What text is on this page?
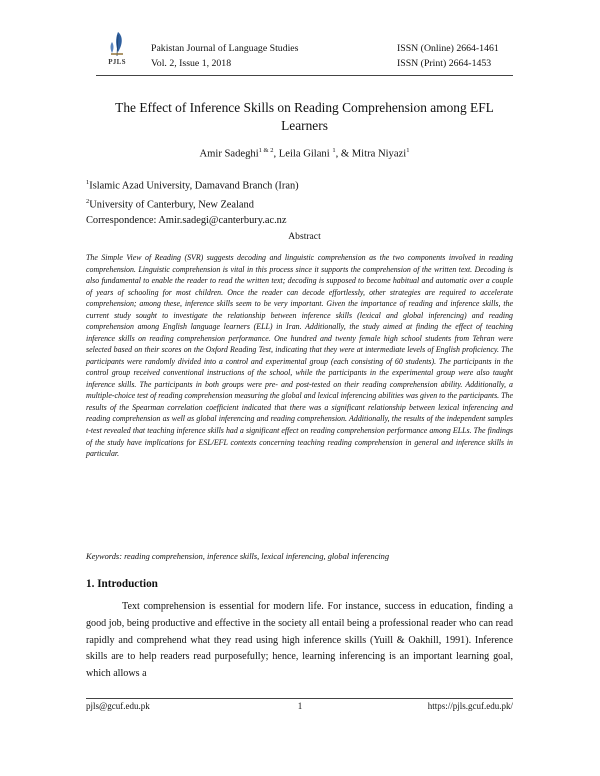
PJLS
Pakistan Journal of Language Studies
Vol. 2, Issue 1, 2018
ISSN (Online) 2664-1461
ISSN (Print) 2664-1453
The Effect of Inference Skills on Reading Comprehension among EFL
Learners
Amir Sadeghi$^{1 \& 2}$, Leila Gilani $^1$, & Mitra Niyazi$^1$
$^1$Islamic Azad University, Damavand Branch (Iran)
$^2$University of Canterbury, New Zealand
Correspondence: Amir.sadegi@canterbury.ac.nz
Abstract
The Simple View of Reading (SVR) suggests decoding and linguistic comprehension as the two components involved in reading comprehension. Linguistic comprehension is vital in this process since it supports the comprehension of the written text. Decoding is also fundamental to enable the reader to read the written text; decoding is supposed to become habitual and automatic over a couple of years of schooling for most children. Once the reader can decode effortlessly, other strategies are required to accelerate comprehension; among these, inference skills seem to be very important. Given the importance of reading and inference skills, the current study sought to investigate the relationship between inference skills (lexical and global inferencing) and reading comprehension among English language learners (ELL) in Iran. Additionally, the study aimed at finding the effect of teaching inference skills on reading comprehension performance. One hundred and twenty female high school students from Tehran were selected based on their scores on the Oxford Reading Test, indicating that they were at intermediate levels of English proficiency. The participants were randomly divided into a control and experimental group (each consisting of 60 students). The participants in the control group received conventional instructions of the school, while the participants in the experimental group were also taught inference skills. The participants in both groups were pre- and post-tested on their reading comprehension ability. Additionally, a multiple-choice test of reading comprehension measuring the global and lexical inferencing abilities was given to the participants. The results of the Spearman correlation coefficient indicated that there was a significant relationship between lexical inferencing and reading comprehension as well as global inferencing and reading comprehension. Additionally, the results of the independent samples t-test revealed that teaching inference skills had a significant effect on reading comprehension performance among ELLs. The findings of the study have implications for ESL/EFL contexts concerning teaching reading comprehension in general and inference skills in particular.
Keywords: reading comprehension, inference skills, lexical inferencing, global inferencing
1. Introduction
Text comprehension is essential for modern life. For instance, success in education, finding a good job, being productive and effective in the society all entail being a professional reader who can read rapidly and comprehend what they read using high inference skills (Yuill & Oakhill, 1991). Inference skills are to help readers read purposefully; hence, learning inferencing is an important learning goal, which allows a
pjls@gcuf.edu.pk	1	https://pjls.gcuf.edu.pk/
